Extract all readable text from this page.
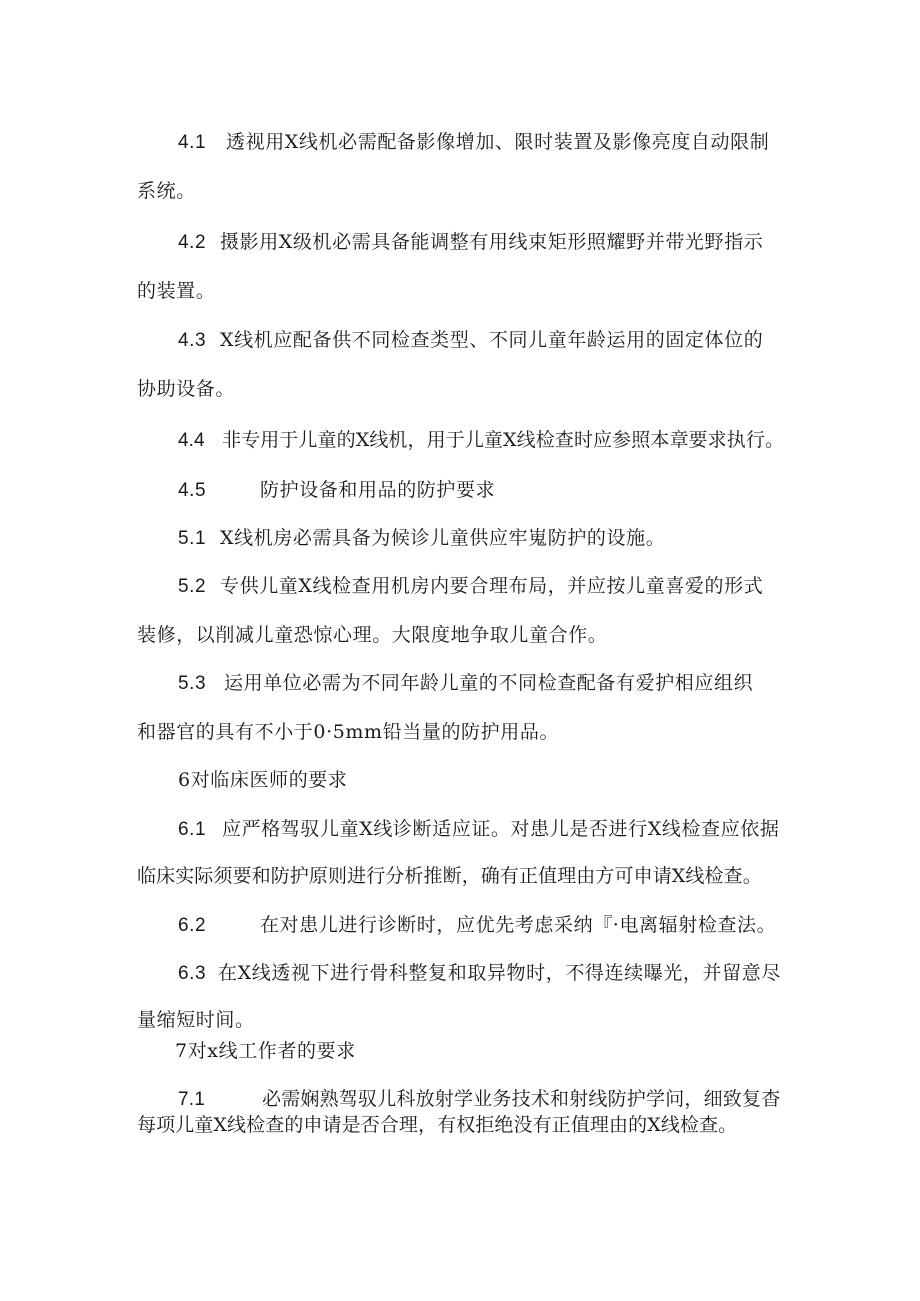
4.1 透视用X线机必需配备影像增加、限时装置及影像亮度自动限制
系统。
4.2 摄影用X级机必需具备能调整有用线束矩形照耀野并带光野指示
的装置。
4.3 X线机应配备供不同检查类型、不同儿童年龄运用的固定体位的
协助设备。
4.4 非专用于儿童的X线机，用于儿童X线检查时应参照本章要求执行。
4.5	防护设备和用品的防护要求
5.1 X线机房必需具备为候诊儿童供应牢嵬防护的设施。
5.2 专供儿童X线检查用机房内要合理布局，并应按儿童喜爱的形式
装修，以削减儿童恐惊心理。大限度地争取儿童合作。
5.3 运用单位必需为不同年龄儿童的不同检查配备有爱护相应组织
和器官的具有不小于0·5mm铅当量的防护用品。
6对临床医师的要求
6.1 应严格驾驭儿童X线诊断适应证。对患儿是否进行X线检查应依据
临床实际须要和防护原则进行分析推断，确有正值理由方可申请X线检查。
6.2	在对患儿进行诊断时，应优先考虑采纳『·电离辐射检查法。
6.3 在X线透视下进行骨科整复和取异物时，不得连续曝光，并留意尽
量缩短时间。
7对x线工作者的要求
7.1	必需娴熟驾驭儿科放射学业务技术和射线防护学问，细致复杳
每项儿童X线检查的申请是否合理，有权拒绝没有正值理由的X线检查。
